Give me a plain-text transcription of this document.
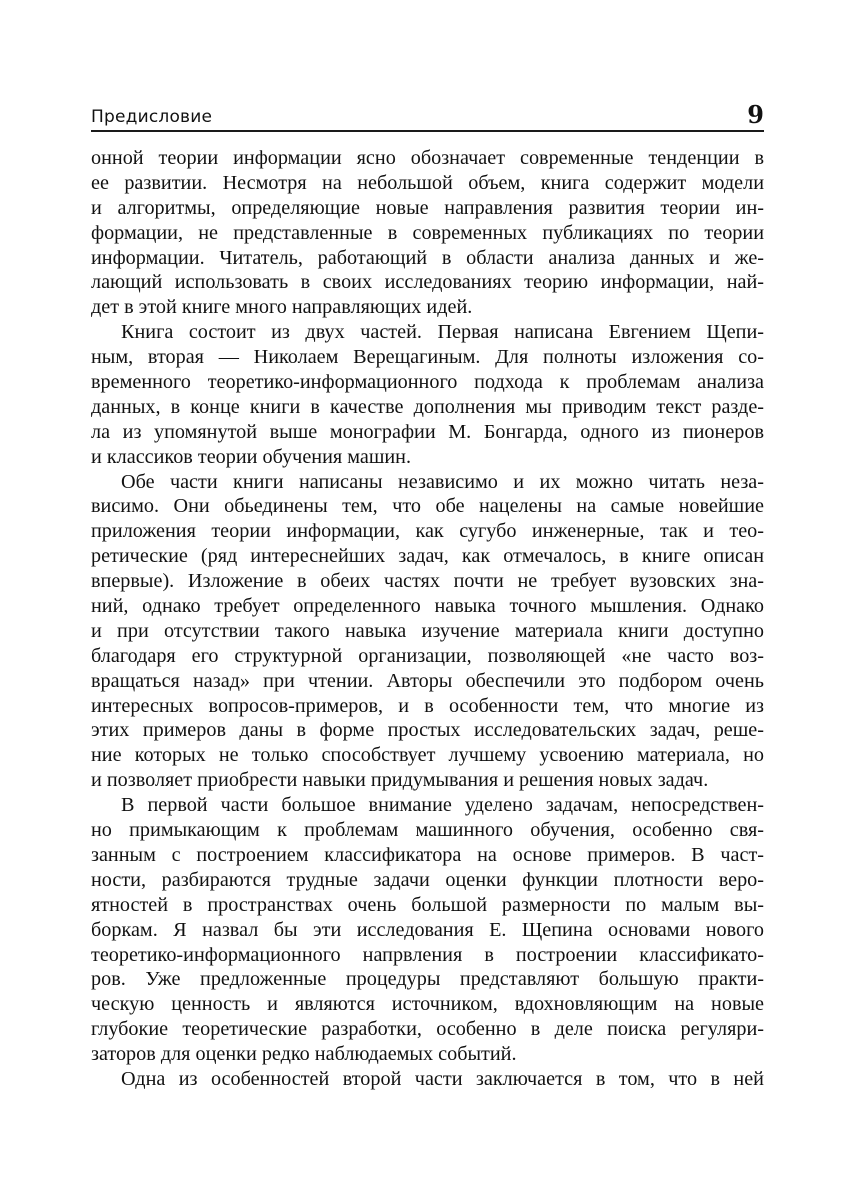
Предисловие	9
онной теории информации ясно обозначает современные тенденции в
ее развитии. Несмотря на небольшой объем, книга содержит модели
и алгоритмы, определяющие новые направления развития теории ин-
формации, не представленные в современных публикациях по теории
информации. Читатель, работающий в области анализа данных и же-
лающий использовать в своих исследованиях теорию информации, най-
дет в этой книге много направляющих идей.
Книга состоит из двух частей. Первая написана Евгением Щепи-
ным, вторая — Николаем Верещагиным. Для полноты изложения со-
временного теоретико-информационного подхода к проблемам анализа
данных, в конце книги в качестве дополнения мы приводим текст разде-
ла из упомянутой выше монографии М. Бонгарда, одного из пионеров
и классиков теории обучения машин.
Обе части книги написаны независимо и их можно читать неза-
висимо. Они обьединены тем, что обе нацелены на самые новейшие
приложения теории информации, как сугубо инженерные, так и тео-
ретические (ряд интереснейших задач, как отмечалось, в книге описан
впервые). Изложение в обеих частях почти не требует вузовских зна-
ний, однако требует определенного навыка точного мышления. Однако
и при отсутствии такого навыка изучение материала книги доступно
благодаря его структурной организации, позволяющей «не часто воз-
вращаться назад» при чтении. Авторы обеспечили это подбором очень
интересных вопросов-примеров, и в особенности тем, что многие из
этих примеров даны в форме простых исследовательских задач, реше-
ние которых не только способствует лучшему усвоению материала, но
и позволяет приобрести навыки придумывания и решения новых задач.
В первой части большое внимание уделено задачам, непосредствен-
но примыкающим к проблемам машинного обучения, особенно свя-
занным с построением классификатора на основе примеров. В част-
ности, разбираются трудные задачи оценки функции плотности веро-
ятностей в пространствах очень большой размерности по малым вы-
боркам. Я назвал бы эти исследования Е. Щепина основами нового
теоретико-информационного напрвления в построении классификато-
ров. Уже предложенные процедуры представляют большую практи-
ческую ценность и являются источником, вдохновляющим на новые
глубокие теоретические разработки, особенно в деле поиска регуляри-
заторов для оценки редко наблюдаемых событий.
Одна из особенностей второй части заключается в том, что в ней
